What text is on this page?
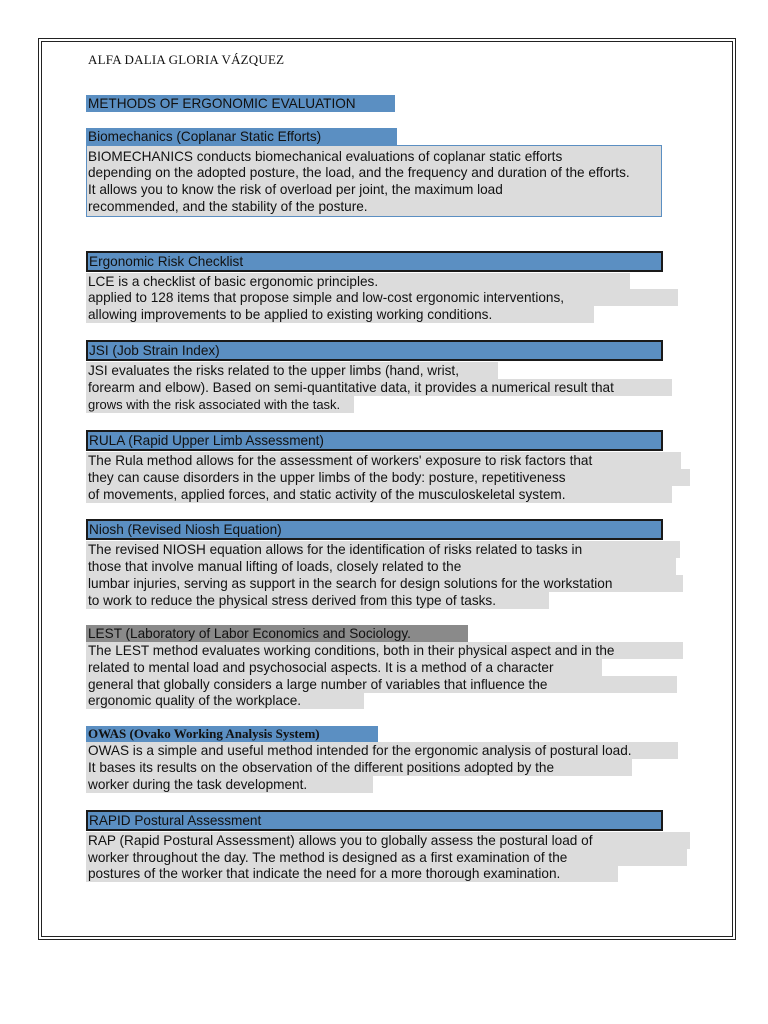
ALFA DALIA GLORIA VÁZQUEZ
METHODS OF ERGONOMIC EVALUATION
Biomechanics (Coplanar Static Efforts)
BIOMECHANICS conducts biomechanical evaluations of coplanar static efforts
depending on the adopted posture, the load, and the frequency and duration of the efforts.
It allows you to know the risk of overload per joint, the maximum load
recommended, and the stability of the posture.
Ergonomic Risk Checklist
LCE is a checklist of basic ergonomic principles.
applied to 128 items that propose simple and low-cost ergonomic interventions,
allowing improvements to be applied to existing working conditions.
JSI (Job Strain Index)
JSI evaluates the risks related to the upper limbs (hand, wrist,
forearm and elbow). Based on semi-quantitative data, it provides a numerical result that
grows with the risk associated with the task.
RULA (Rapid Upper Limb Assessment)
The Rula method allows for the assessment of workers' exposure to risk factors that
they can cause disorders in the upper limbs of the body: posture, repetitiveness
of movements, applied forces, and static activity of the musculoskeletal system.
Niosh (Revised Niosh Equation)
The revised NIOSH equation allows for the identification of risks related to tasks in
those that involve manual lifting of loads, closely related to the
lumbar injuries, serving as support in the search for design solutions for the workstation
to work to reduce the physical stress derived from this type of tasks.
LEST (Laboratory of Labor Economics and Sociology.
The LEST method evaluates working conditions, both in their physical aspect and in the
related to mental load and psychosocial aspects. It is a method of a character
general that globally considers a large number of variables that influence the
ergonomic quality of the workplace.
OWAS (Ovako Working Analysis System)
OWAS is a simple and useful method intended for the ergonomic analysis of postural load.
It bases its results on the observation of the different positions adopted by the
worker during the task development.
RAPID Postural Assessment
RAP (Rapid Postural Assessment) allows you to globally assess the postural load of
worker throughout the day. The method is designed as a first examination of the
postures of the worker that indicate the need for a more thorough examination.
